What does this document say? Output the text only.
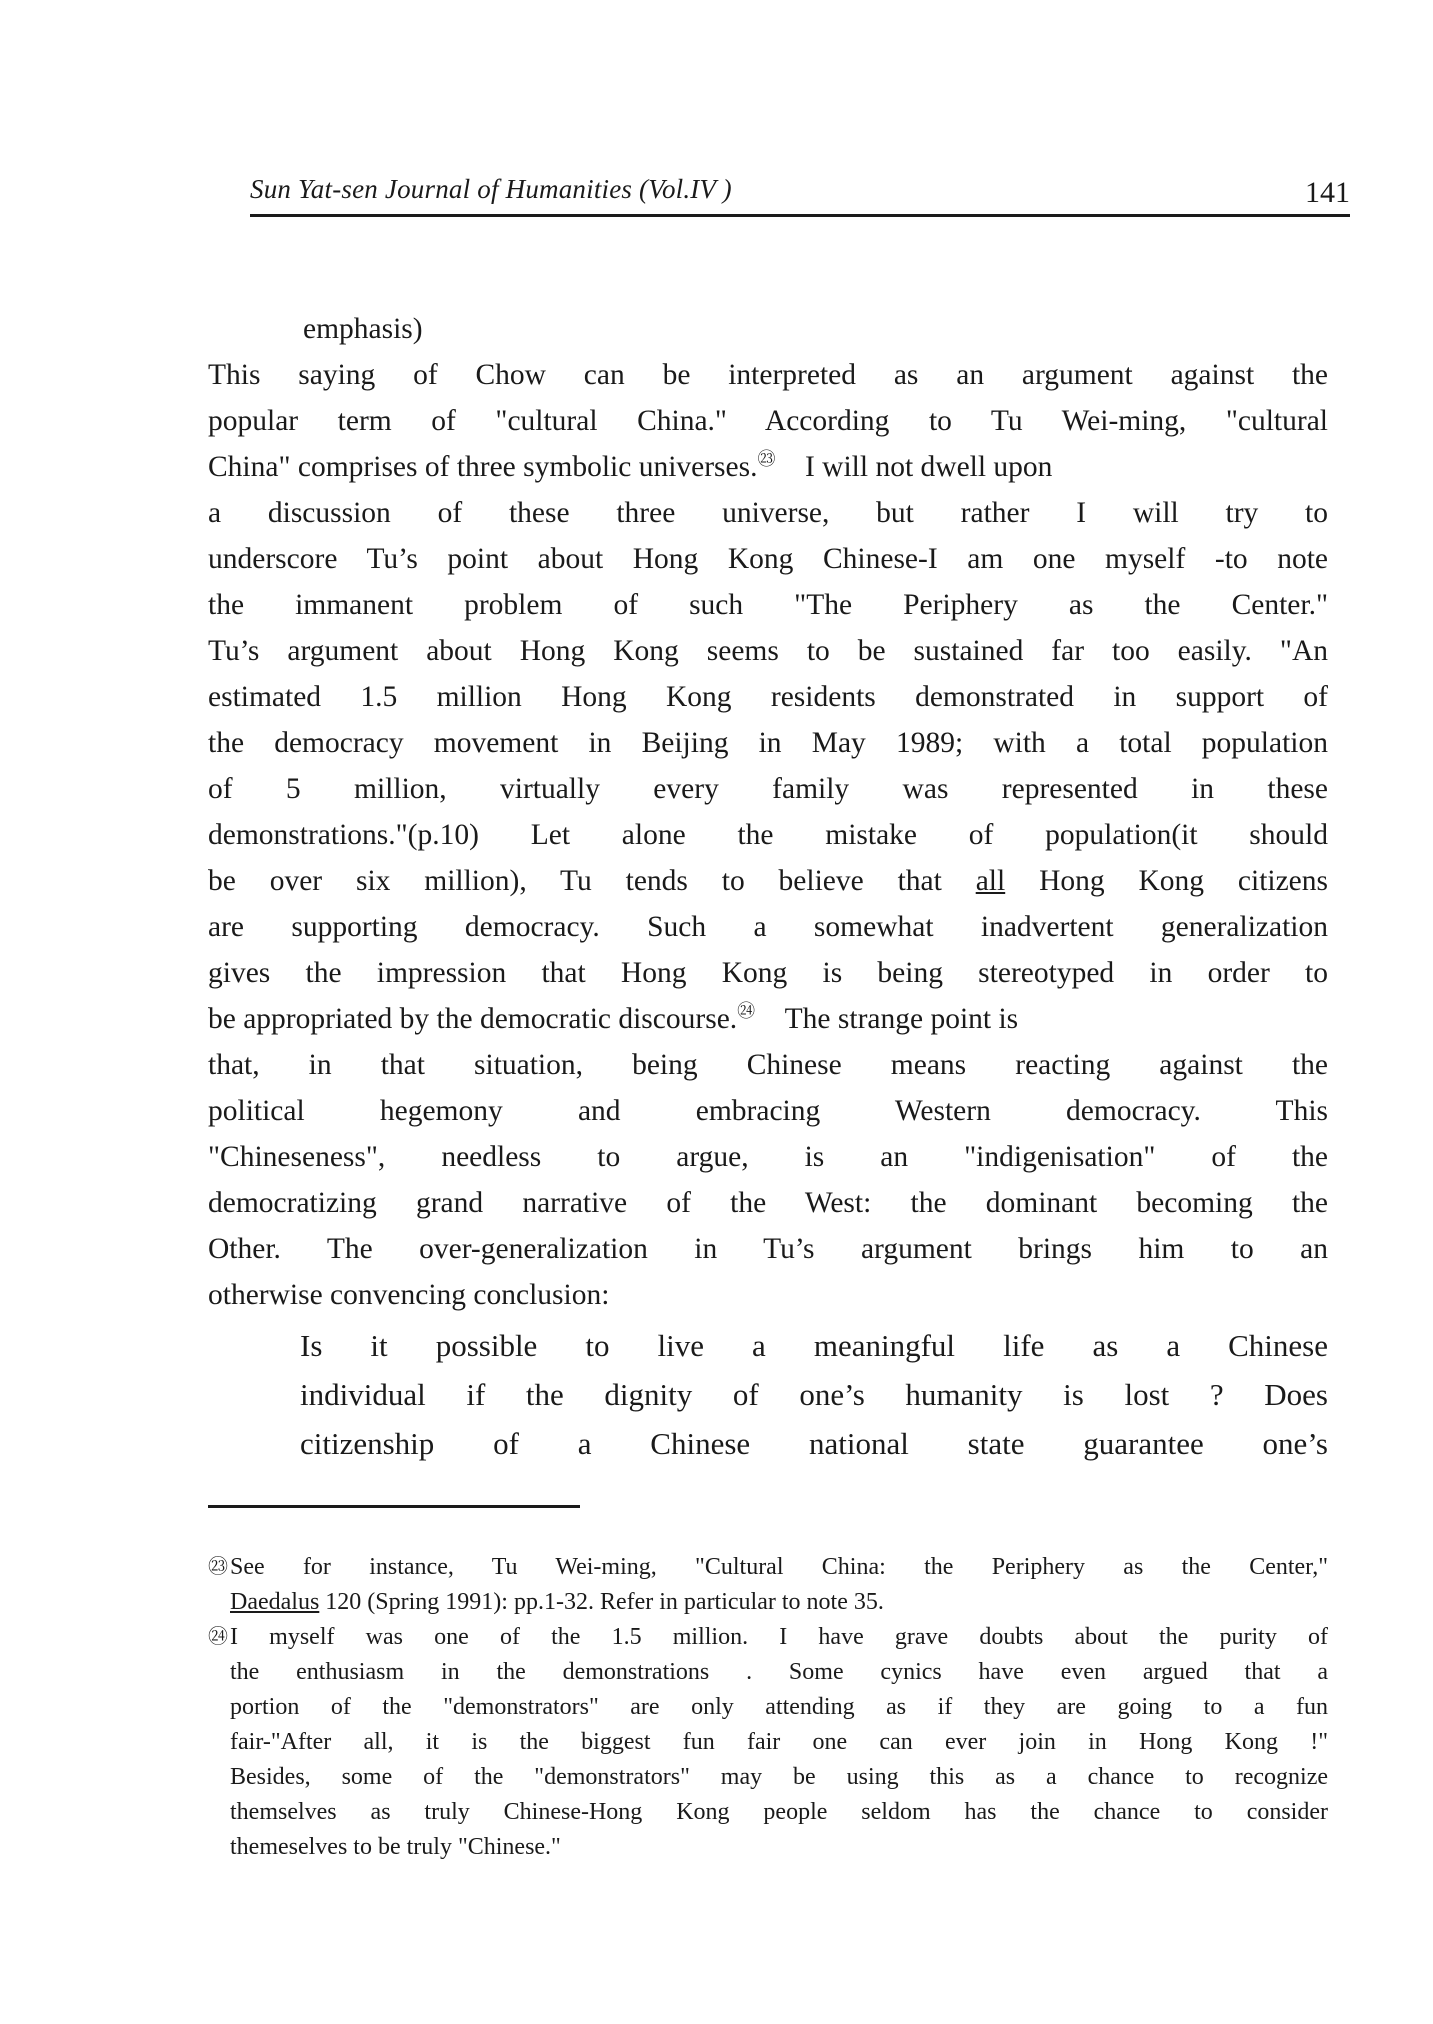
Sun Yat-sen Journal of Humanities (Vol.IV )	141
emphasis)
This saying of Chow can be interpreted as an argument against the
popular term of "cultural China." According to Tu Wei-ming, "cultural
China" comprises of three symbolic universes.$^㉓$ I will not dwell upon
a discussion of these three universe, but rather I will try to
underscore Tu’s point about Hong Kong Chinese-I am one myself -to note
the immanent problem of such "The Periphery as the Center."
Tu’s argument about Hong Kong seems to be sustained far too easily. "An
estimated 1.5 million Hong Kong residents demonstrated in support of
the democracy movement in Beijing in May 1989; with a total population
of 5 million, virtually every family was represented in these
demonstrations."(p.10) Let alone the mistake of population(it should
be over six million), Tu tends to believe that all Hong Kong citizens
are supporting democracy. Such a somewhat inadvertent generalization
gives the impression that Hong Kong is being stereotyped in order to
be appropriated by the democratic discourse.$^㉔$ The strange point is
that, in that situation, being Chinese means reacting against the
political hegemony and embracing Western democracy. This
"Chineseness", needless to argue, is an "indigenisation" of the
democratizing grand narrative of the West: the dominant becoming the
Other. The over-generalization in Tu’s argument brings him to an
otherwise convencing conclusion:
Is it possible to live a meaningful life as a Chinese
individual if the dignity of one’s humanity is lost ? Does
citizenship of a Chinese national state guarantee one’s
㉓ See for instance, Tu Wei-ming, "Cultural China: the Periphery as the Center,"
Daedalus 120 (Spring 1991): pp.1-32. Refer in particular to note 35.
㉔ I myself was one of the 1.5 million. I have grave doubts about the purity of
the enthusiasm in the demonstrations . Some cynics have even argued that a
portion of the "demonstrators" are only attending as if they are going to a fun
fair-"After all, it is the biggest fun fair one can ever join in Hong Kong !"
Besides, some of the "demonstrators" may be using this as a chance to recognize
themselves as truly Chinese-Hong Kong people seldom has the chance to consider
themeselves to be truly "Chinese."
